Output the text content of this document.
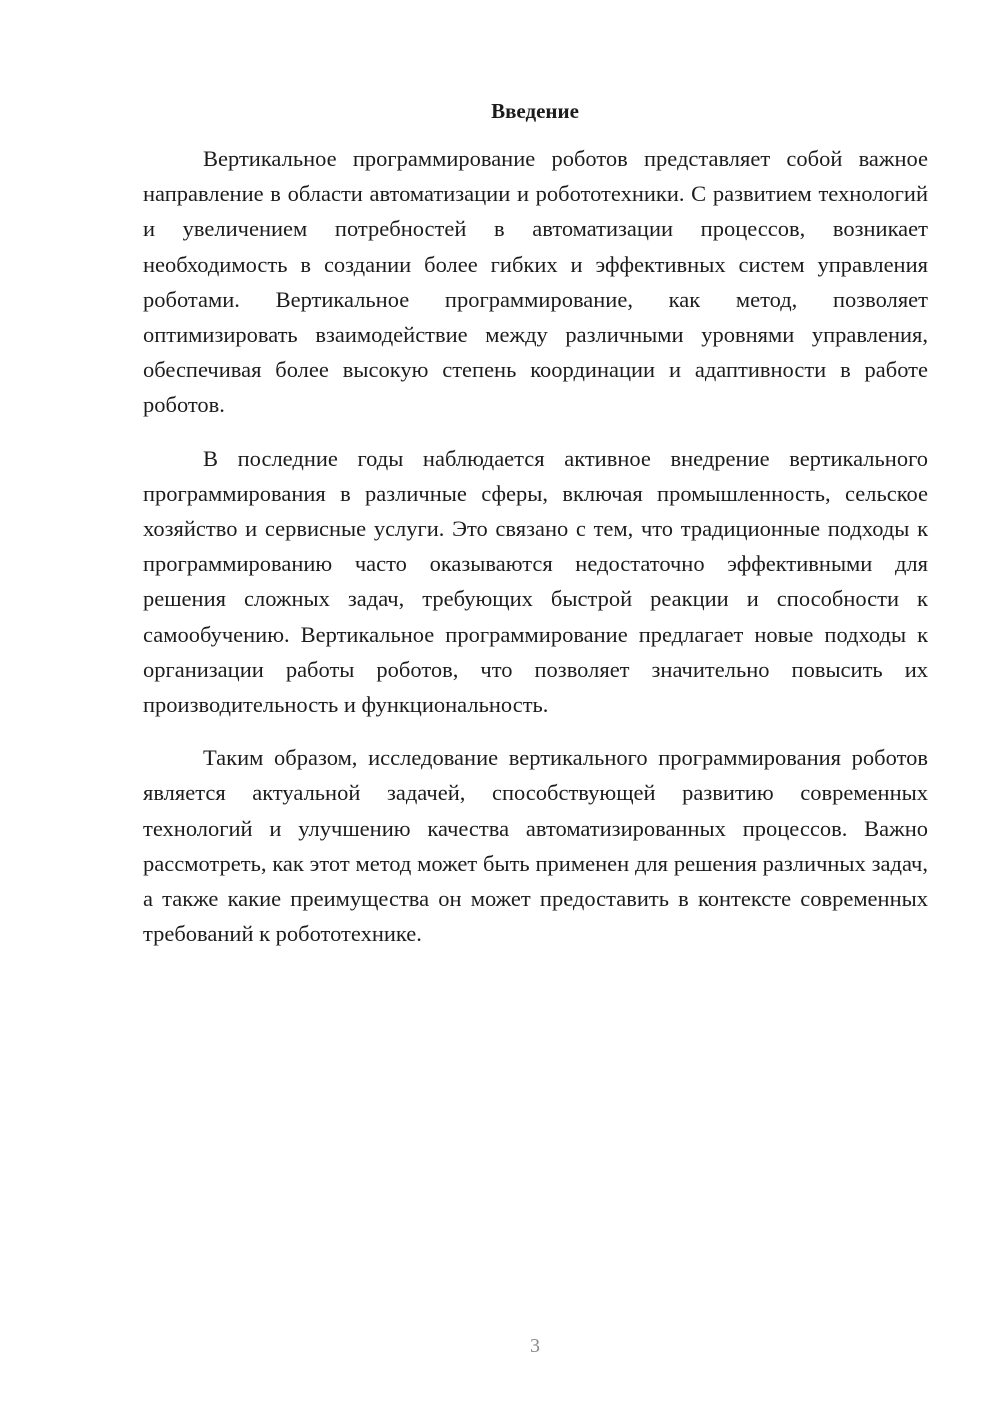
Введение

Вертикальное программирование роботов представляет собой важное направление в области автоматизации и робототехники. С развитием технологий и увеличением потребностей в автоматизации процессов, возникает необходимость в создании более гибких и эффективных систем управления роботами. Вертикальное программирование, как метод, позволяет оптимизировать взаимодействие между различными уровнями управления, обеспечивая более высокую степень координации и адаптивности в работе роботов.

В последние годы наблюдается активное внедрение вертикального программирования в различные сферы, включая промышленность, сельское хозяйство и сервисные услуги. Это связано с тем, что традиционные подходы к программированию часто оказываются недостаточно эффективными для решения сложных задач, требующих быстрой реакции и способности к самообучению. Вертикальное программирование предлагает новые подходы к организации работы роботов, что позволяет значительно повысить их производительность и функциональность.

Таким образом, исследование вертикального программирования роботов является актуальной задачей, способствующей развитию современных технологий и улучшению качества автоматизированных процессов. Важно рассмотреть, как этот метод может быть применен для решения различных задач, а также какие преимущества он может предоставить в контексте современных требований к робототехнике.

3
